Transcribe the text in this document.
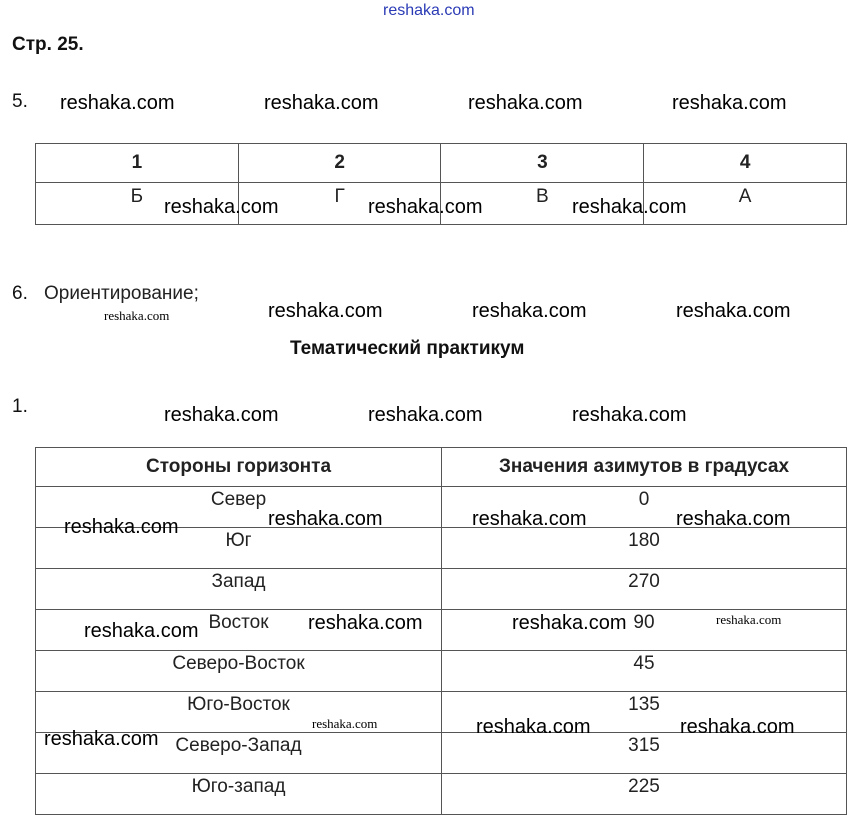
reshaka.com
Стр. 25.
5.
1	2	3	4
Б	Г	В	А
6. Ориентирование;
Тематический практикум
1.
Стороны горизонта	Значения азимутов в градусах
Север	0
Юг	180
Запад	270
Восток	90
Северо-Восток	45
Юго-Восток	135
Северо-Запад	315
Юго-запад	225
reshaka.com	reshaka.com	reshaka.com	reshaka.com
reshaka.com	reshaka.com	reshaka.com
reshaka.com	reshaka.com	reshaka.com	reshaka.com
reshaka.com	reshaka.com	reshaka.com
reshaka.com	reshaka.com	reshaka.com	reshaka.com
reshaka.com	reshaka.com	reshaka.com	reshaka.com
reshaka.com
reshaka.com	reshaka.com	reshaka.com
